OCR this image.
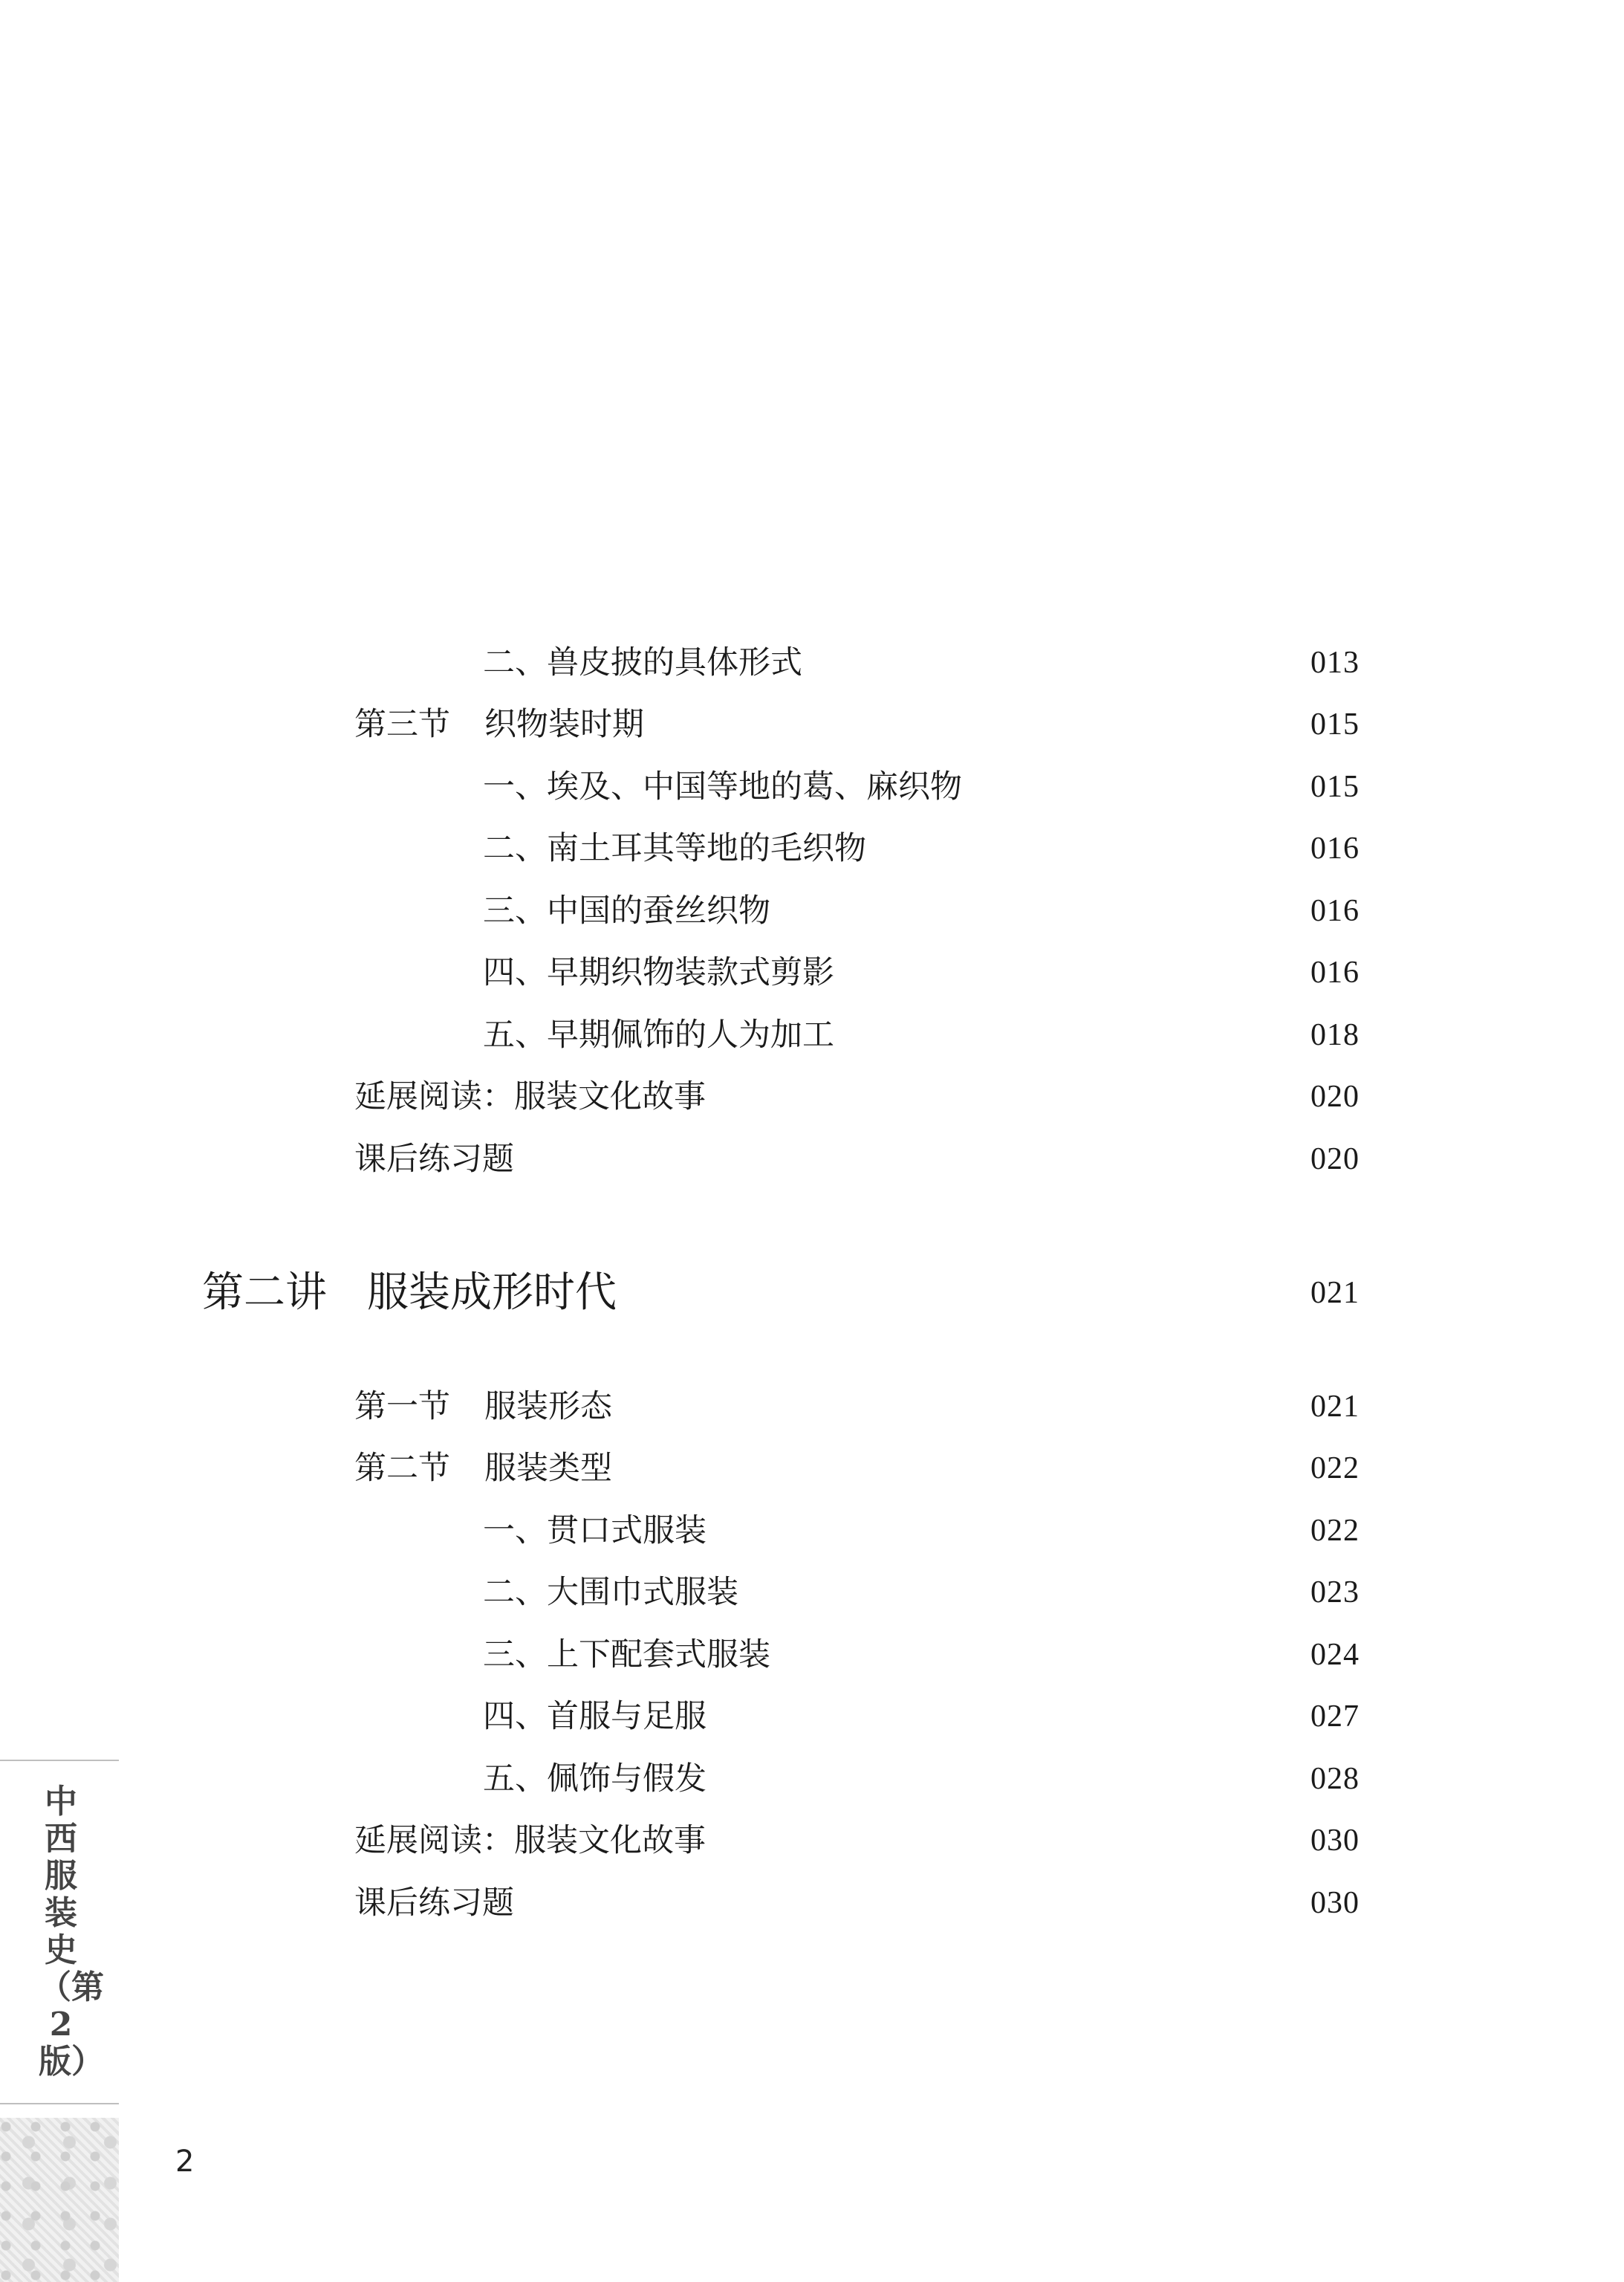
二、兽皮披的具体形式	013
第三节 织物装时期	015
一、埃及、中国等地的葛、麻织物	015
二、南土耳其等地的毛织物	016
三、中国的蚕丝织物	016
四、早期织物装款式剪影	016
五、早期佩饰的人为加工	018
延展阅读：服装文化故事	020
课后练习题	020
第二讲 服装成形时代	021
第一节 服装形态	021
第二节 服装类型	022
一、贯口式服装	022
二、大围巾式服装	023
三、上下配套式服装	024
四、首服与足服	027
五、佩饰与假发	028
延展阅读：服装文化故事	030
课后练习题	030
中西服装史（第2版）
2
